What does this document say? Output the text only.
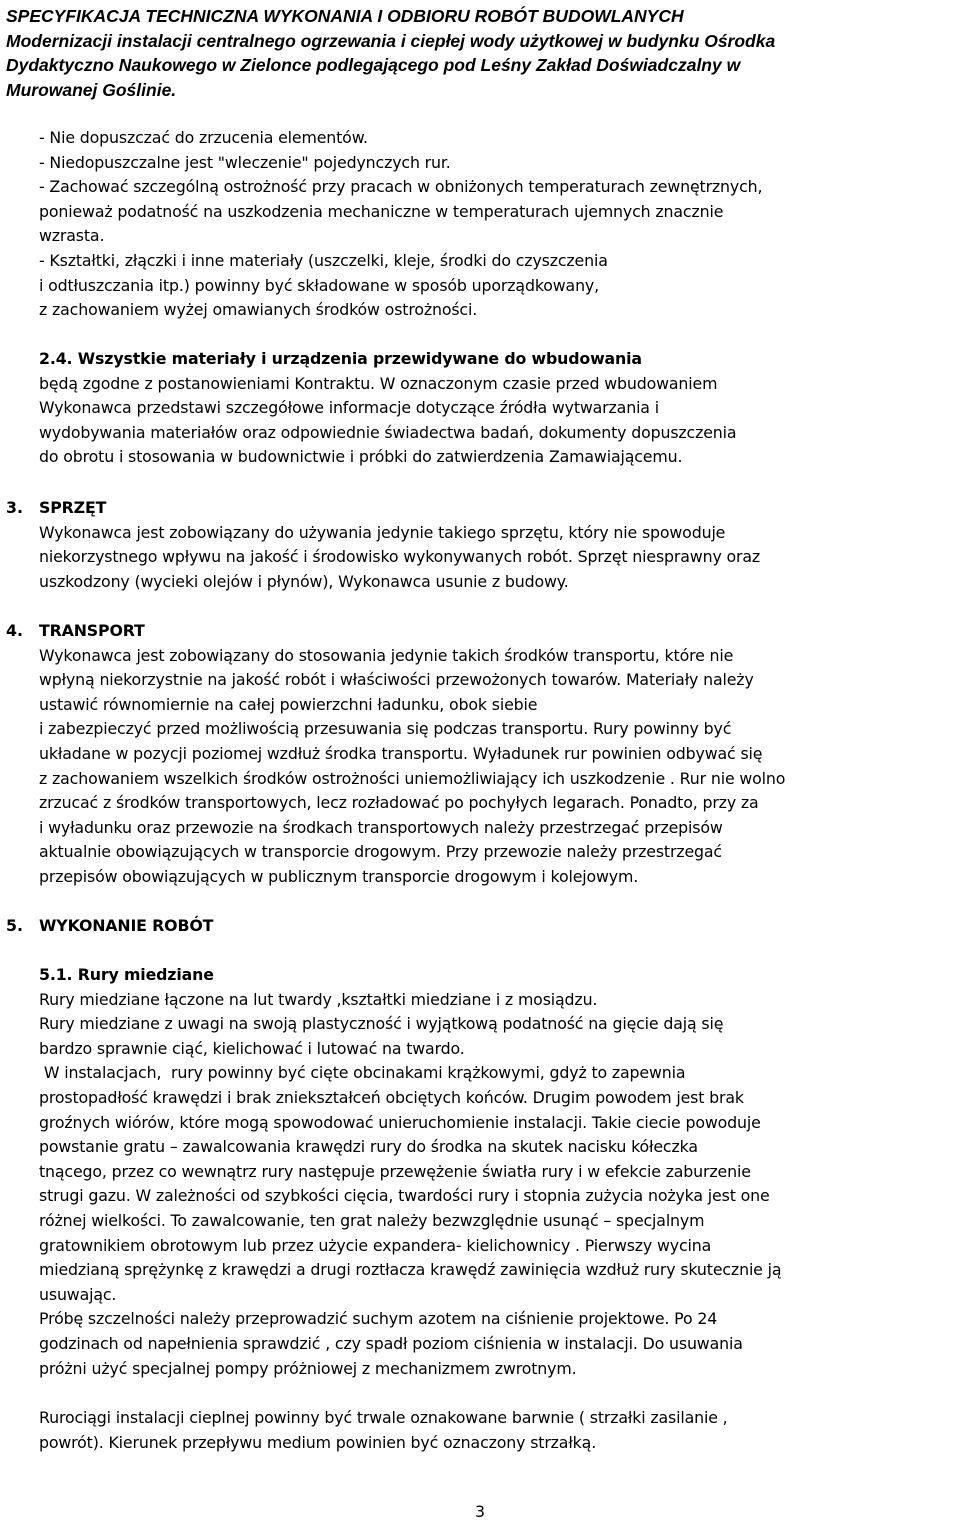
SPECYFIKACJA TECHNICZNA WYKONANIA I ODBIORU ROBÓT BUDOWLANYCH
Modernizacji instalacji centralnego ogrzewania i ciepłej wody użytkowej w budynku Ośrodka
Dydaktyczno Naukowego w Zielonce podlegającego pod Leśny Zakład Doświadczalny w
Murowanej Goślinie.
- Nie dopuszczać do zrzucenia elementów.
- Niedopuszczalne jest "wleczenie" pojedynczych rur.
- Zachować szczególną ostrożność przy pracach w obniżonych temperaturach zewnętrznych,
ponieważ podatność na uszkodzenia mechaniczne w temperaturach ujemnych znacznie
wzrasta.
- Kształtki, złączki i inne materiały (uszczelki, kleje, środki do czyszczenia
i odtłuszczania itp.) powinny być składowane w sposób uporządkowany,
z zachowaniem wyżej omawianych środków ostrożności.
2.4. Wszystkie materiały i urządzenia przewidywane do wbudowania
będą zgodne z postanowieniami Kontraktu. W oznaczonym czasie przed wbudowaniem
Wykonawca przedstawi szczegółowe informacje dotyczące źródła wytwarzania i
wydobywania materiałów oraz odpowiednie świadectwa badań, dokumenty dopuszczenia
do obrotu i stosowania w budownictwie i próbki do zatwierdzenia Zamawiającemu.
3. SPRZĘT
Wykonawca jest zobowiązany do używania jedynie takiego sprzętu, który nie spowoduje
niekorzystnego wpływu na jakość i środowisko wykonywanych robót. Sprzęt niesprawny oraz
uszkodzony (wycieki olejów i płynów), Wykonawca usunie z budowy.
4. TRANSPORT
Wykonawca jest zobowiązany do stosowania jedynie takich środków transportu, które nie
wpłyną niekorzystnie na jakość robót i właściwości przewożonych towarów. Materiały należy
ustawić równomiernie na całej powierzchni ładunku, obok siebie
i zabezpieczyć przed możliwością przesuwania się podczas transportu. Rury powinny być
układane w pozycji poziomej wzdłuż środka transportu. Wyładunek rur powinien odbywać się
z zachowaniem wszelkich środków ostrożności uniemożliwiający ich uszkodzenie . Rur nie wolno
zrzucać z środków transportowych, lecz rozładować po pochyłych legarach. Ponadto, przy za
i wyładunku oraz przewozie na środkach transportowych należy przestrzegać przepisów
aktualnie obowiązujących w transporcie drogowym. Przy przewozie należy przestrzegać
przepisów obowiązujących w publicznym transporcie drogowym i kolejowym.
5. WYKONANIE ROBÓT
5.1. Rury miedziane
Rury miedziane łączone na lut twardy ,kształtki miedziane i z mosiądzu.
Rury miedziane z uwagi na swoją plastyczność i wyjątkową podatność na gięcie dają się
bardzo sprawnie ciąć, kielichować i lutować na twardo.
W instalacjach,  rury powinny być cięte obcinakami krążkowymi, gdyż to zapewnia
prostopadłość krawędzi i brak zniekształceń obciętych końców. Drugim powodem jest brak
groźnych wiórów, które mogą spowodować unieruchomienie instalacji. Takie ciecie powoduje
powstanie gratu – zawalcowania krawędzi rury do środka na skutek nacisku kółeczka
tnącego, przez co wewnątrz rury następuje przewężenie światła rury i w efekcie zaburzenie
strugi gazu. W zależności od szybkości cięcia, twardości rury i stopnia zużycia nożyka jest one
różnej wielkości. To zawalcowanie, ten grat należy bezwzględnie usunąć – specjalnym
gratownikiem obrotowym lub przez użycie expandera- kielichownicy . Pierwszy wycina
miedzianą sprężynkę z krawędzi a drugi roztłacza krawędź zawinięcia wzdłuż rury skutecznie ją
usuwając.
Próbę szczelności należy przeprowadzić suchym azotem na ciśnienie projektowe. Po 24
godzinach od napełnienia sprawdzić , czy spadł poziom ciśnienia w instalacji. Do usuwania
próżni użyć specjalnej pompy próżniowej z mechanizmem zwrotnym.
Rurociągi instalacji cieplnej powinny być trwale oznakowane barwnie ( strzałki zasilanie ,
powrót). Kierunek przepływu medium powinien być oznaczony strzałką.
3
